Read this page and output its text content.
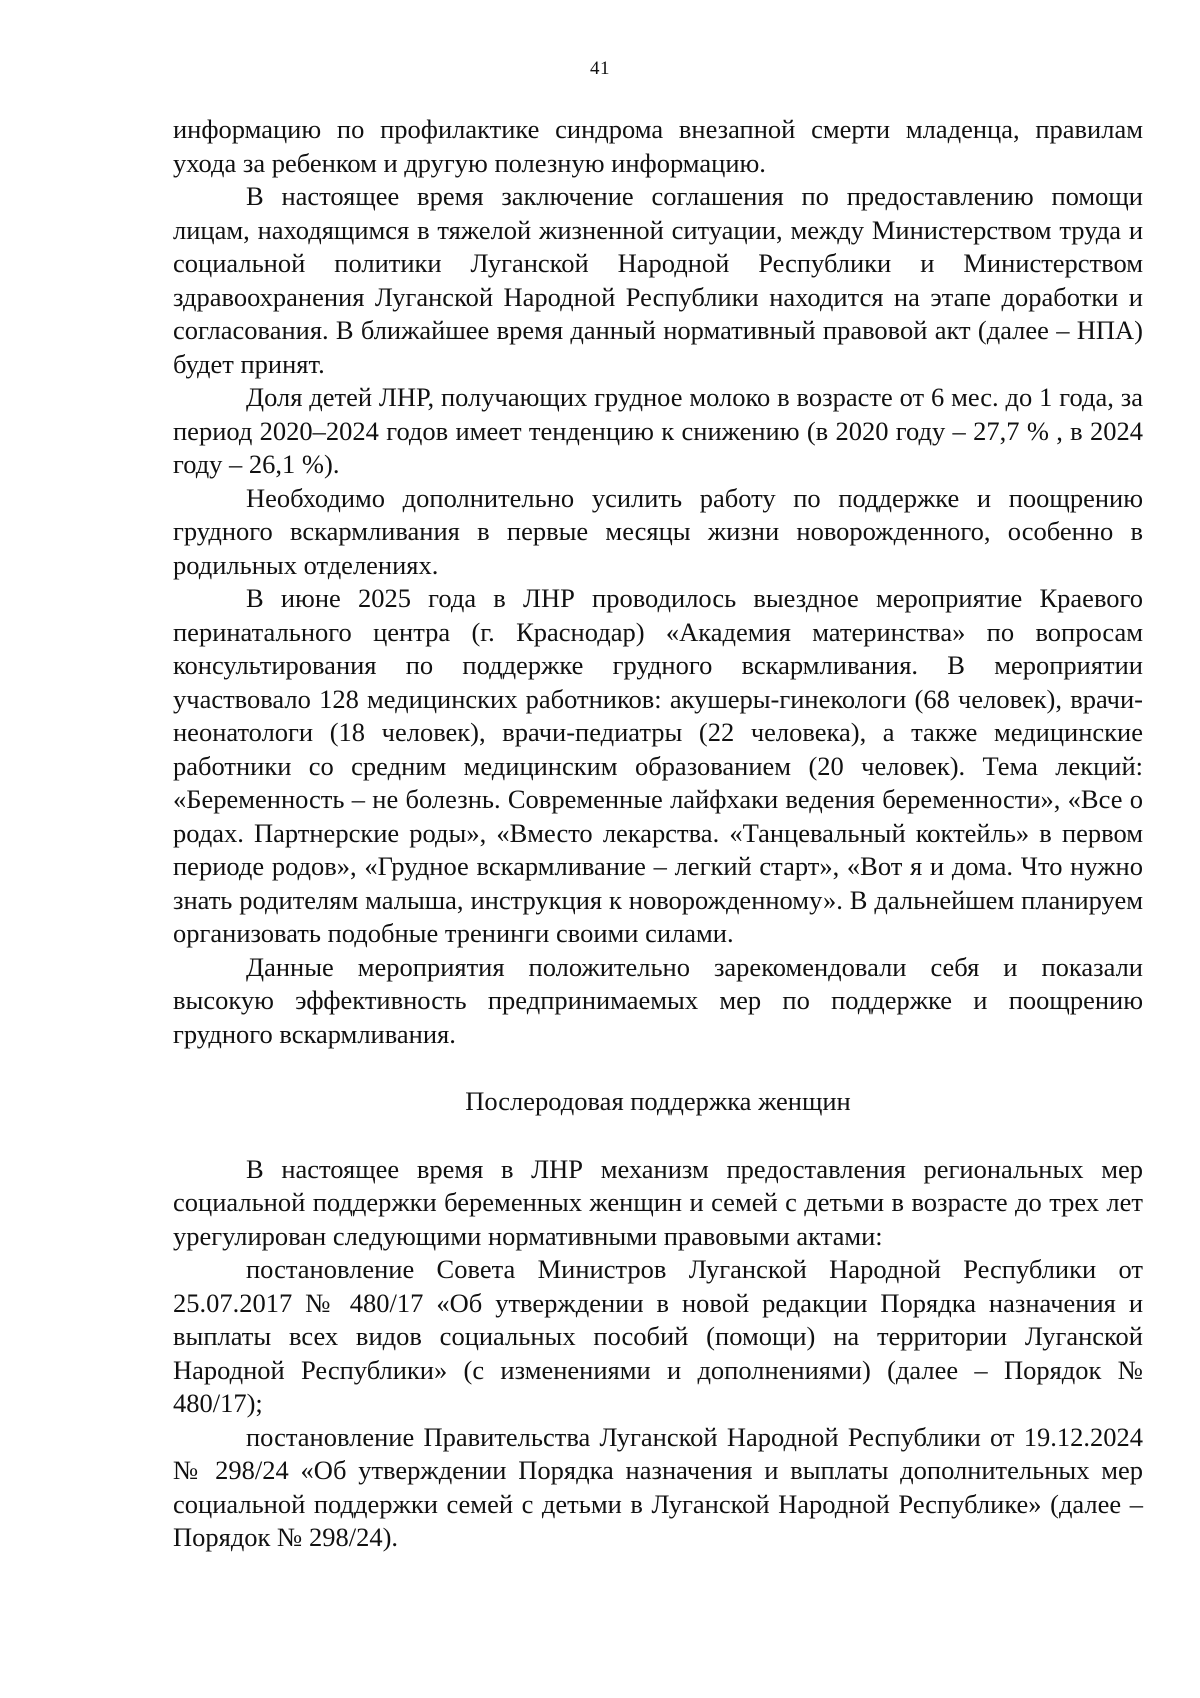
41

информацию по профилактике синдрома внезапной смерти младенца, правилам ухода за ребенком и другую полезную информацию.

В настоящее время заключение соглашения по предоставлению помощи лицам, находящимся в тяжелой жизненной ситуации, между Министерством труда и социальной политики Луганской Народной Республики и Министерством здравоохранения Луганской Народной Республики находится на этапе доработки и согласования. В ближайшее время данный нормативный правовой акт (далее – НПА) будет принят.

Доля детей ЛНР, получающих грудное молоко в возрасте от 6 мес. до 1 года, за период 2020–2024 годов имеет тенденцию к снижению (в 2020 году – 27,7 % , в 2024 году – 26,1 %).

Необходимо дополнительно усилить работу по поддержке и поощрению грудного вскармливания в первые месяцы жизни новорожденного, особенно в родильных отделениях.

В июне 2025 года в ЛНР проводилось выездное мероприятие Краевого перинатального центра (г. Краснодар) «Академия материнства» по вопросам консультирования по поддержке грудного вскармливания. В мероприятии участвовало 128 медицинских работников: акушеры-гинекологи (68 человек), врачи-неонатологи (18 человек), врачи-педиатры (22 человека), а также медицинские работники со средним медицинским образованием (20 человек). Тема лекций: «Беременность – не болезнь. Современные лайфхаки ведения беременности», «Все о родах. Партнерские роды», «Вместо лекарства. «Танцевальный коктейль» в первом периоде родов», «Грудное вскармливание – легкий старт», «Вот я и дома. Что нужно знать родителям малыша, инструкция к новорожденному». В дальнейшем планируем организовать подобные тренинги своими силами.

Данные мероприятия положительно зарекомендовали себя и показали высокую эффективность предпринимаемых мер по поддержке и поощрению грудного вскармливания.

Послеродовая поддержка женщин

В настоящее время в ЛНР механизм предоставления региональных мер социальной поддержки беременных женщин и семей с детьми в возрасте до трех лет урегулирован следующими нормативными правовыми актами:

постановление Совета Министров Луганской Народной Республики от 25.07.2017 № 480/17 «Об утверждении в новой редакции Порядка назначения и выплаты всех видов социальных пособий (помощи) на территории Луганской Народной Республики» (с изменениями и дополнениями) (далее – Порядок № 480/17);

постановление Правительства Луганской Народной Республики от 19.12.2024 № 298/24 «Об утверждении Порядка назначения и выплаты дополнительных мер социальной поддержки семей с детьми в Луганской Народной Республике» (далее – Порядок № 298/24).
